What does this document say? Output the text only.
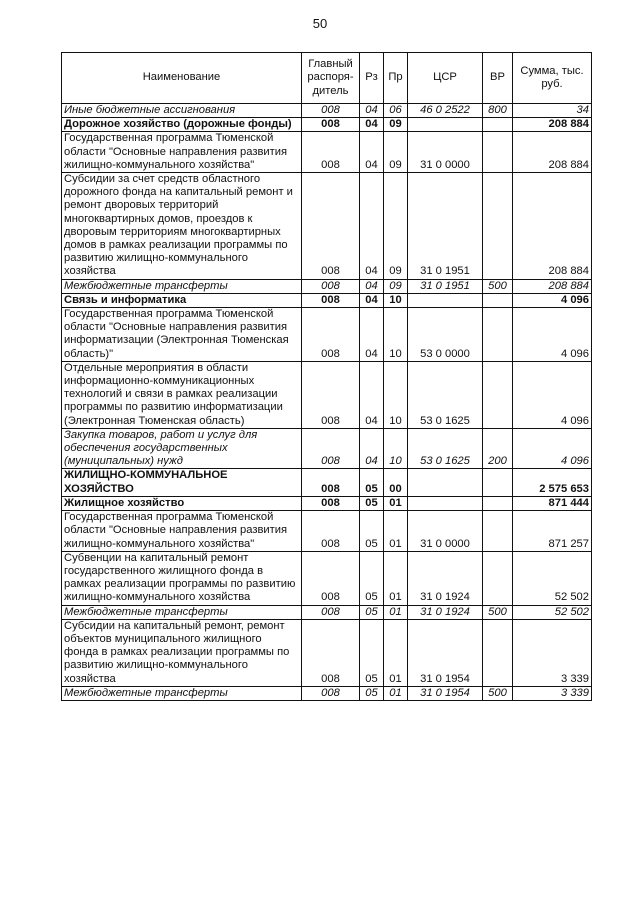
50
Наименование	Главный распоря-дитель	Рз	Пр	ЦСР	ВР	Сумма, тыс. руб.
Иные бюджетные ассигнования	008	04	06	46 0 2522	800	34
Дорожное хозяйство (дорожные фонды)	008	04	09			208 884
Государственная программа Тюменской области "Основные направления развития жилищно-коммунального хозяйства"	008	04	09	31 0 0000		208 884
Субсидии за счет средств областного дорожного фонда на капитальный ремонт и ремонт дворовых территорий многоквартирных домов, проездов к дворовым территориям многоквартирных домов в рамках реализации программы по развитию жилищно-коммунального хозяйства	008	04	09	31 0 1951		208 884
Межбюджетные трансферты	008	04	09	31 0 1951	500	208 884
Связь и информатика	008	04	10			4 096
Государственная программа Тюменской области "Основные направления развития информатизации (Электронная Тюменская область)"	008	04	10	53 0 0000		4 096
Отдельные мероприятия в области информационно-коммуникационных технологий и связи в рамках реализации программы по развитию информатизации (Электронная Тюменская область)	008	04	10	53 0 1625		4 096
Закупка товаров, работ и услуг для обеспечения государственных (муниципальных) нужд	008	04	10	53 0 1625	200	4 096
ЖИЛИЩНО-КОММУНАЛЬНОЕ ХОЗЯЙСТВО	008	05	00			2 575 653
Жилищное хозяйство	008	05	01			871 444
Государственная программа Тюменской области "Основные направления развития жилищно-коммунального хозяйства"	008	05	01	31 0 0000		871 257
Субвенции на капитальный ремонт государственного жилищного фонда в рамках реализации программы по развитию жилищно-коммунального хозяйства	008	05	01	31 0 1924		52 502
Межбюджетные трансферты	008	05	01	31 0 1924	500	52 502
Субсидии на капитальный ремонт, ремонт объектов муниципального жилищного фонда в рамках реализации программы по развитию жилищно-коммунального хозяйства	008	05	01	31 0 1954		3 339
Межбюджетные трансферты	008	05	01	31 0 1954	500	3 339
